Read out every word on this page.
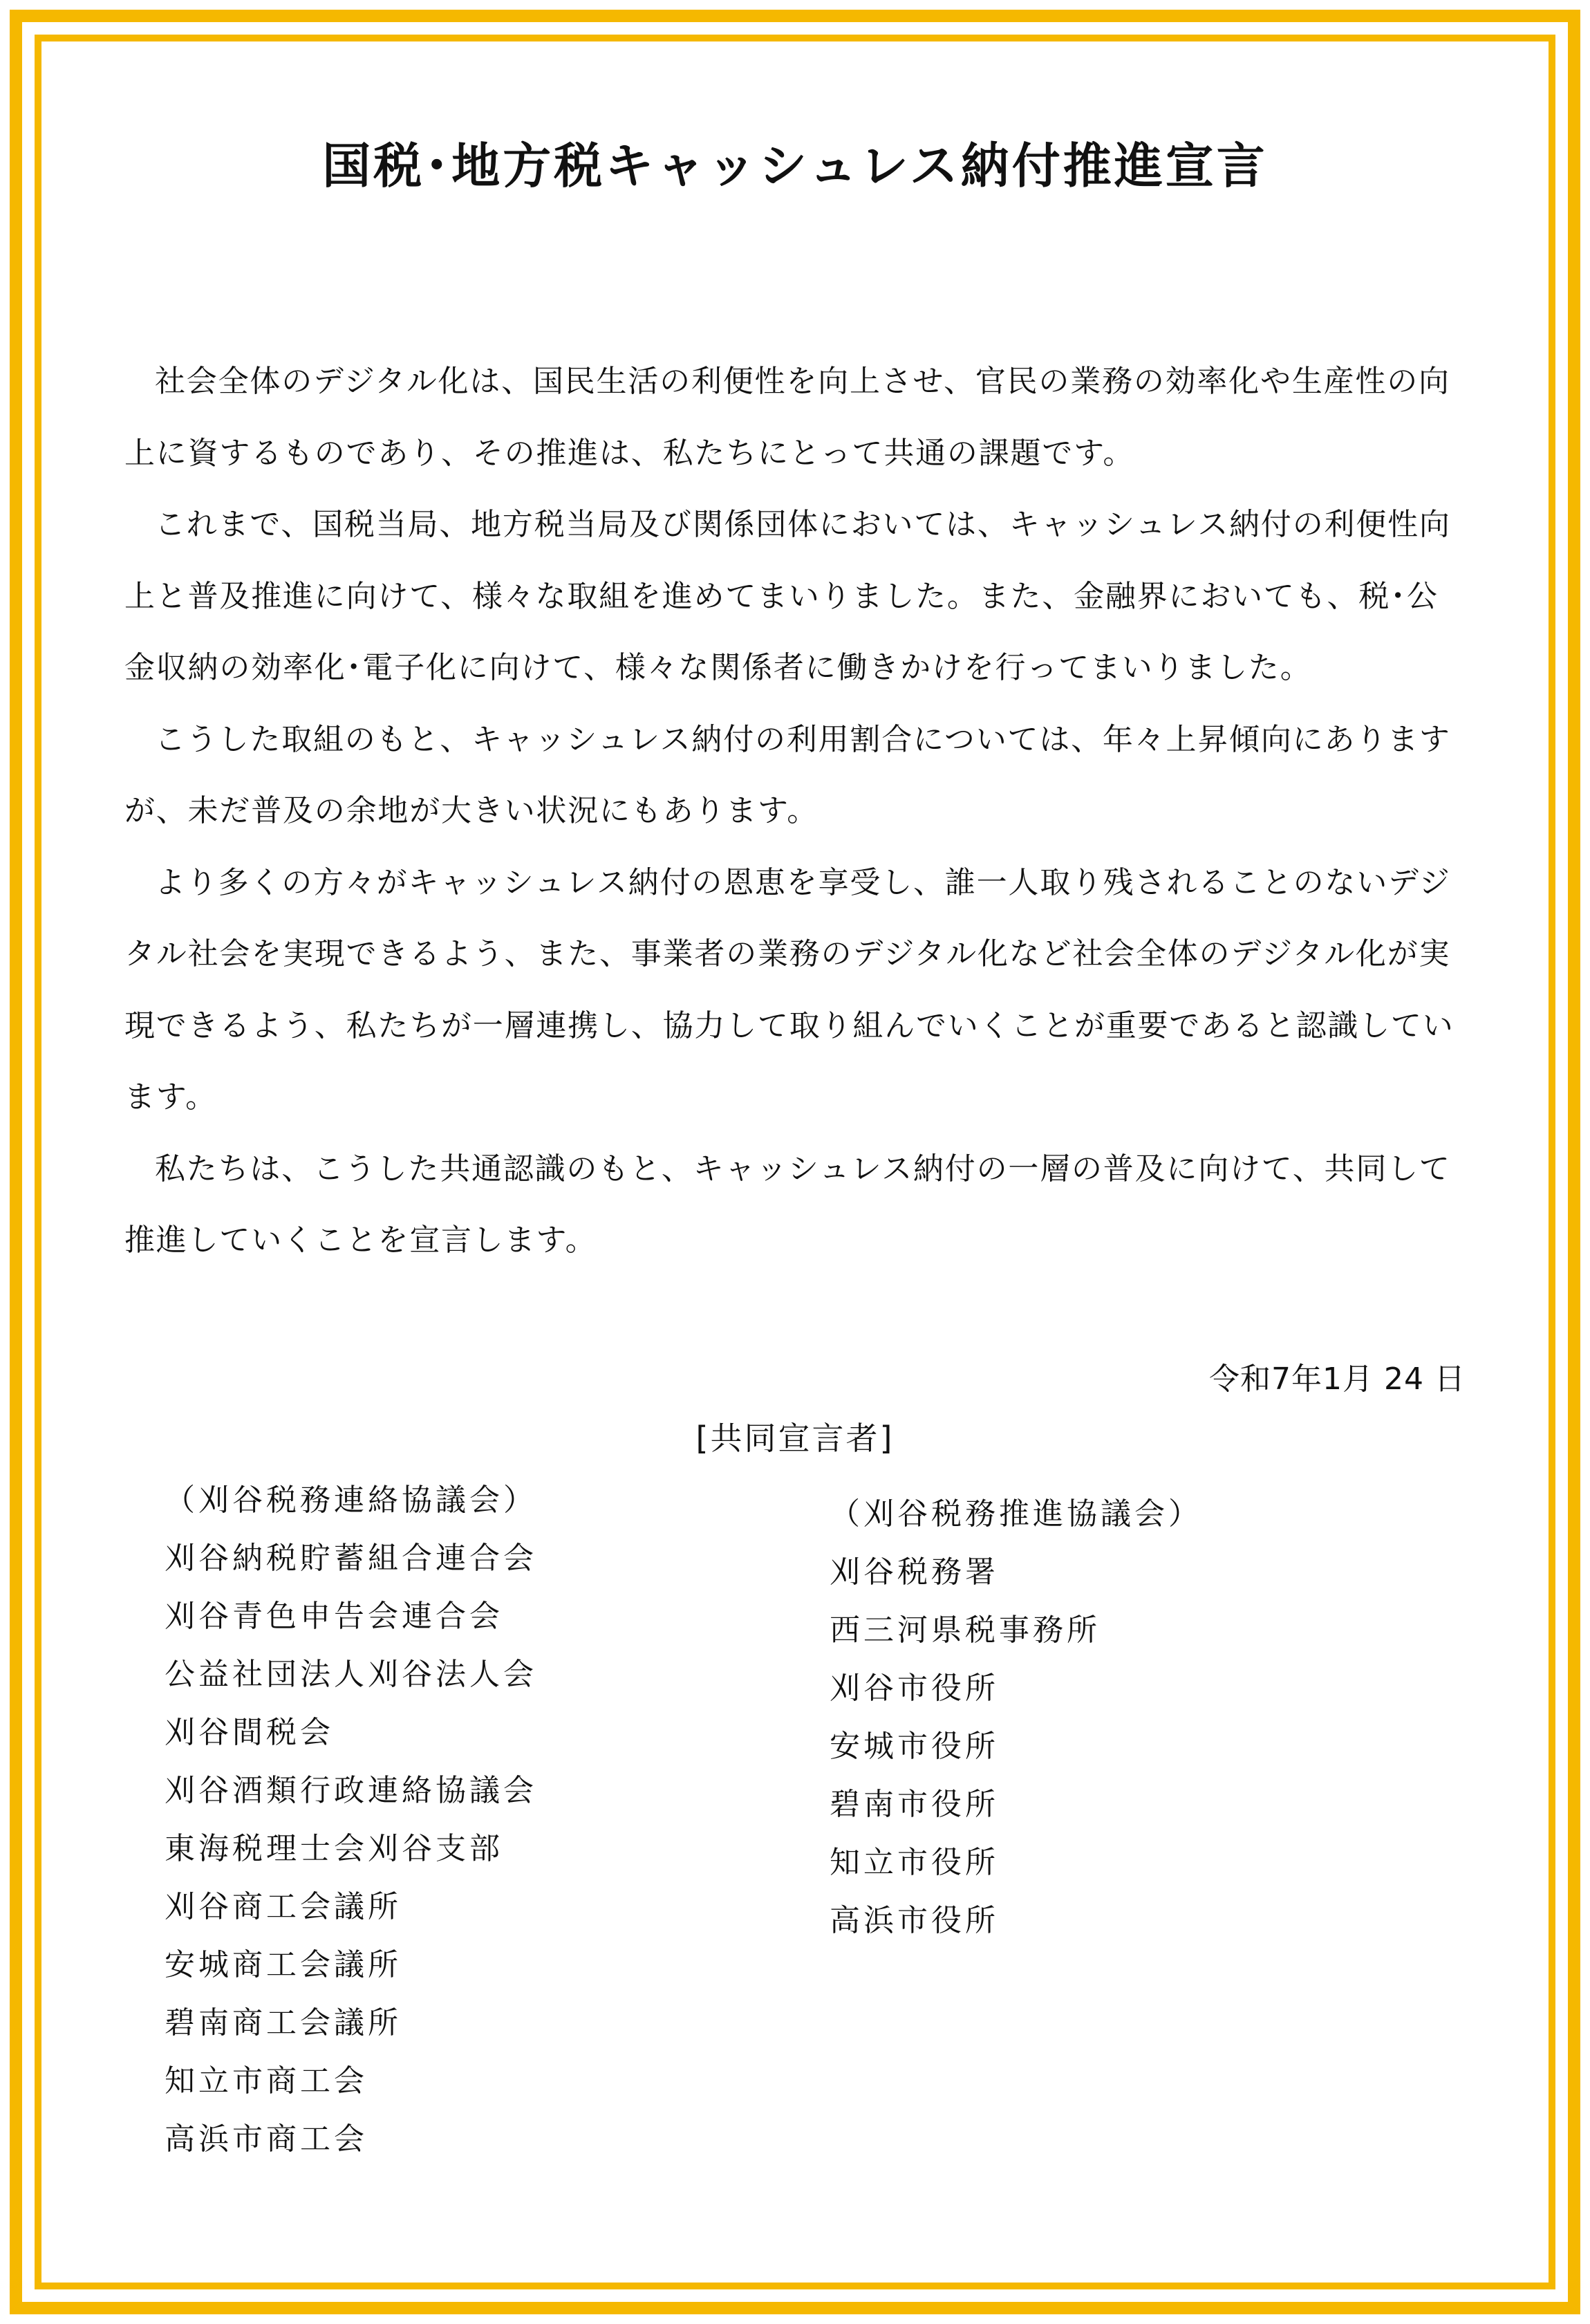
国税･地方税キャッシュレス納付推進宣言

社会全体のデジタル化は、国民生活の利便性を向上させ、官民の業務の効率化や生産性の向上に資するものであり、その推進は、私たちにとって共通の課題です。

これまで、国税当局、地方税当局及び関係団体においては、キャッシュレス納付の利便性向上と普及推進に向けて、様々な取組を進めてまいりました。また、金融界においても、税･公金収納の効率化･電子化に向けて、様々な関係者に働きかけを行ってまいりました。

こうした取組のもと、キャッシュレス納付の利用割合については、年々上昇傾向にありますが、未だ普及の余地が大きい状況にもあります。

より多くの方々がキャッシュレス納付の恩恵を享受し、誰一人取り残されることのないデジタル社会を実現できるよう、また、事業者の業務のデジタル化など社会全体のデジタル化が実現できるよう、私たちが一層連携し、協力して取り組んでいくことが重要であると認識しています。

私たちは、こうした共通認識のもと、キャッシュレス納付の一層の普及に向けて、共同して推進していくことを宣言します。

令和7年1月 24 日
[共同宣言者]
（刈谷税務連絡協議会）
刈谷納税貯蓄組合連合会
刈谷青色申告会連合会
公益社団法人刈谷法人会
刈谷間税会
刈谷酒類行政連絡協議会
東海税理士会刈谷支部
刈谷商工会議所
安城商工会議所
碧南商工会議所
知立市商工会
高浜市商工会
（刈谷税務推進協議会）
刈谷税務署
西三河県税事務所
刈谷市役所
安城市役所
碧南市役所
知立市役所
高浜市役所
